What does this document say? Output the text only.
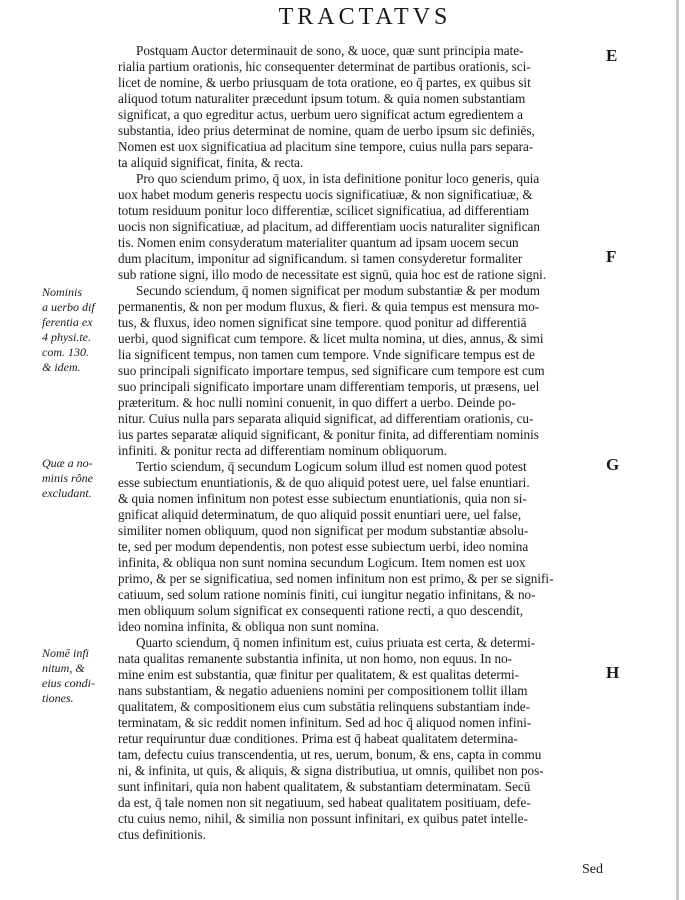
TRACTATVS
E
F
G
H
Nominis
a uerbo dif
ferentia ex
4 physi.te.
com. 130.
& idem.
Quæ a no-
minis rône
excludant.
Nomē infi
nitum, &
eius condi-
tiones.
Postquam Auctor determinauit de sono, & uoce, quæ sunt principia mate-
rialia partium orationis, hic consequenter determinat de partibus orationis, sci-
licet de nomine, & uerbo priusquam de tota oratione, eo q̄ partes, ex quibus sit
aliquod totum naturaliter præcedunt ipsum totum. & quia nomen substantiam
significat, a quo egreditur actus, uerbum uero significat actum egredientem a
substantia, ideo prius determinat de nomine, quam de uerbo ipsum sic definiēs,
Nomen est uox significatiua ad placitum sine tempore, cuius nulla pars separa-
ta aliquid significat, finita, & recta.
Pro quo sciendum primo, q̄ uox, in ista definitione ponitur loco generis, quia
uox habet modum generis respectu uocis significatiuæ, & non significatiuæ, &
totum residuum ponitur loco differentiæ, scilicet significatiua, ad differentiam
uocis non significatiuæ, ad placitum, ad differentiam uocis naturaliter significan
tis. Nomen enim consyderatum materialiter quantum ad ipsam uocem secun
dum placitum, imponitur ad significandum. si tamen consyderetur formaliter
sub ratione signi, illo modo de necessitate est signū, quia hoc est de ratione signi.
Secundo sciendum, q̄ nomen significat per modum substantiæ & per modum
permanentis, & non per modum fluxus, & fieri. & quia tempus est mensura mo-
tus, & fluxus, ideo nomen significat sine tempore. quod ponitur ad differentiā
uerbi, quod significat cum tempore. & licet multa nomina, ut dies, annus, & simi
lia significent tempus, non tamen cum tempore. Vnde significare tempus est de
suo principali significato importare tempus, sed significare cum tempore est cum
suo principali significato importare unam differentiam temporis, ut præsens, uel
præteritum. & hoc nulli nomini conuenit, in quo differt a uerbo. Deinde po-
nitur. Cuius nulla pars separata aliquid significat, ad differentiam orationis, cu-
ius partes separatæ aliquid significant, & ponitur finita, ad differentiam nominis
infiniti. & ponitur recta ad differentiam nominum obliquorum.
Tertio sciendum, q̄ secundum Logicum solum illud est nomen quod potest
esse subiectum enuntiationis, & de quo aliquid potest uere, uel false enuntiari.
& quia nomen infinitum non potest esse subiectum enuntiationis, quia non si-
gnificat aliquid determinatum, de quo aliquid possit enuntiari uere, uel false,
similiter nomen obliquum, quod non significat per modum substantiæ absolu-
te, sed per modum dependentis, non potest esse subiectum uerbi, ideo nomina
infinita, & obliqua non sunt nomina secundum Logicum. Item nomen est uox
primo, & per se significatiua, sed nomen infinitum non est primo, & per se signifi-
catiuum, sed solum ratione nominis finiti, cui iungitur negatio infinitans, & no-
men obliquum solum significat ex consequenti ratione recti, a quo descendit,
ideo nomina infinita, & obliqua non sunt nomina.
Quarto sciendum, q̄ nomen infinitum est, cuius priuata est certa, & determi-
nata qualitas remanente substantia infinita, ut non homo, non equus. In no-
mine enim est substantia, quæ finitur per qualitatem, & est qualitas determi-
nans substantiam, & negatio adueniens nomini per compositionem tollit illam
qualitatem, & compositionem eius cum substātia relinquens substantiam inde-
terminatam, & sic reddit nomen infinitum. Sed ad hoc q̄ aliquod nomen infini-
retur requiruntur duæ conditiones. Prima est q̄ habeat qualitatem determina-
tam, defectu cuius transcendentia, ut res, uerum, bonum, & ens, capta in commu
ni, & infinita, ut quis, & aliquis, & signa distributiua, ut omnis, quilibet non pos-
sunt infinitari, quia non habent qualitatem, & substantiam determinatam. Secū
da est, q̄ tale nomen non sit negatiuum, sed habeat qualitatem positiuam, defe-
ctu cuius nemo, nihil, & similia non possunt infinitari, ex quibus patet intelle-
ctus definitionis.
Sed
